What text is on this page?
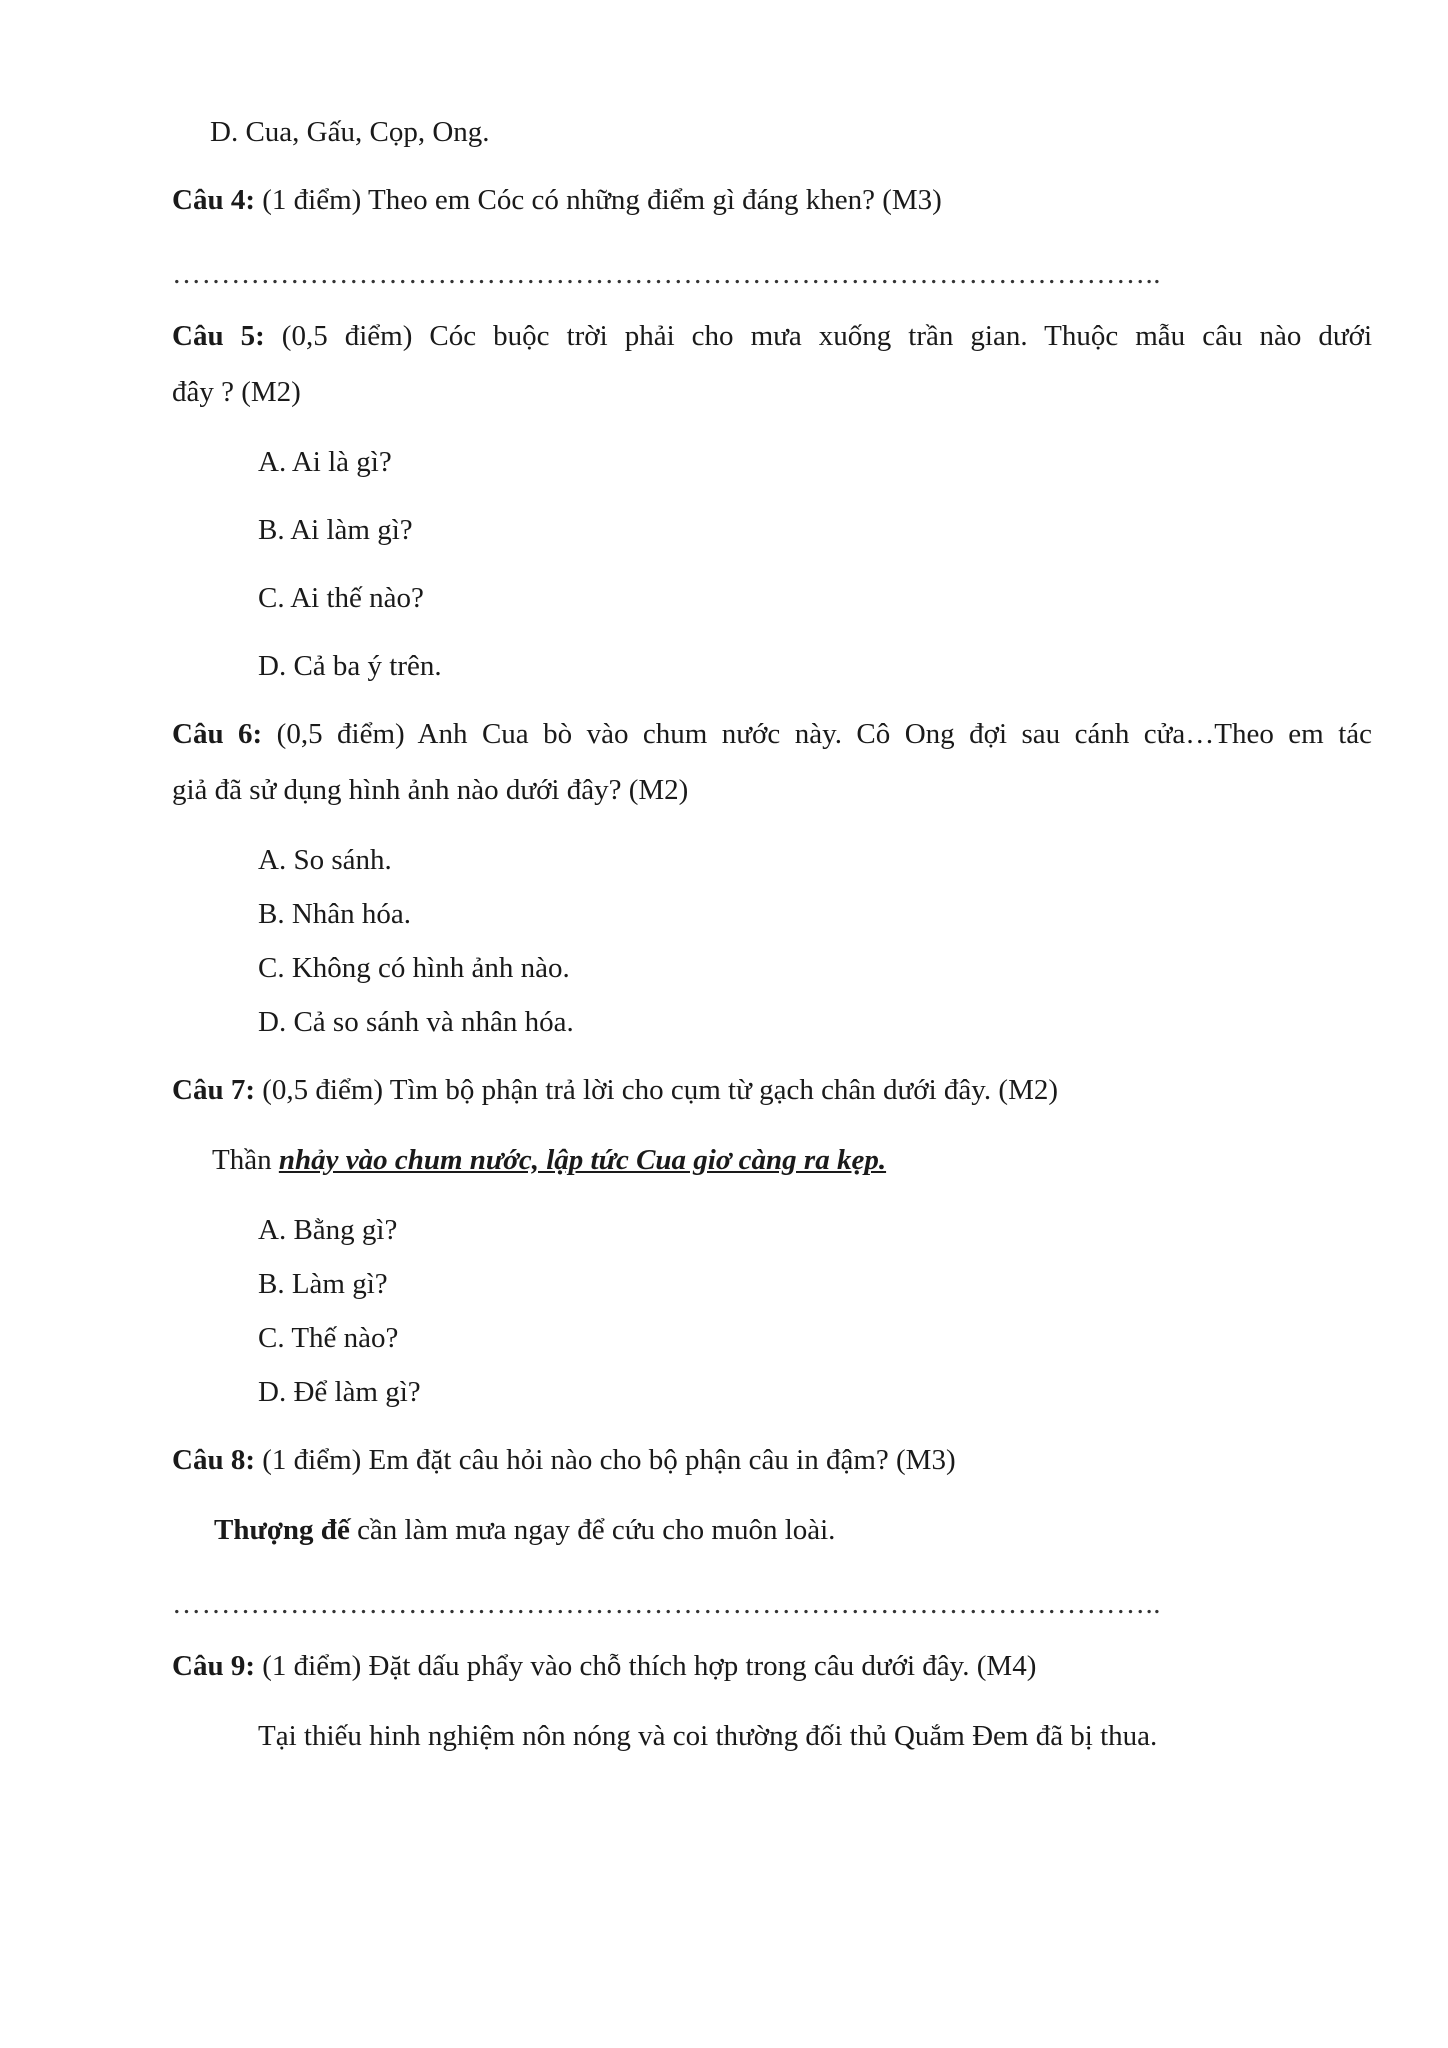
D. Cua, Gấu, Cọp, Ong.
Câu 4: (1 điểm) Theo em Cóc có những điểm gì đáng khen? (M3)
………………………………………………………………………………………..
Câu 5: (0,5 điểm) Cóc buộc trời phải cho mưa xuống trần gian. Thuộc mẫu câu nào dưới
đây ? (M2)
A. Ai là gì?
B. Ai làm gì?
C. Ai thế nào?
D. Cả ba ý trên.
Câu 6: (0,5 điểm) Anh Cua bò vào chum nước này. Cô Ong đợi sau cánh cửa…Theo em tác
giả đã sử dụng hình ảnh nào dưới đây? (M2)
A. So sánh.
B. Nhân hóa.
C. Không có hình ảnh nào.
D. Cả so sánh và nhân hóa.
Câu 7: (0,5 điểm) Tìm bộ phận trả lời cho cụm từ gạch chân dưới đây. (M2)
Thần nhảy vào chum nước, lập tức Cua giơ càng ra kẹp.
A. Bằng gì?
B. Làm gì?
C. Thế nào?
D. Để làm gì?
Câu 8: (1 điểm) Em đặt câu hỏi nào cho bộ phận câu in đậm? (M3)
Thượng đế cần làm mưa ngay để cứu cho muôn loài.
………………………………………………………………………………………..
Câu 9: (1 điểm) Đặt dấu phẩy vào chỗ thích hợp trong câu dưới đây. (M4)
Tại thiếu hinh nghiệm nôn nóng và coi thường đối thủ Quắm Đem đã bị thua.
